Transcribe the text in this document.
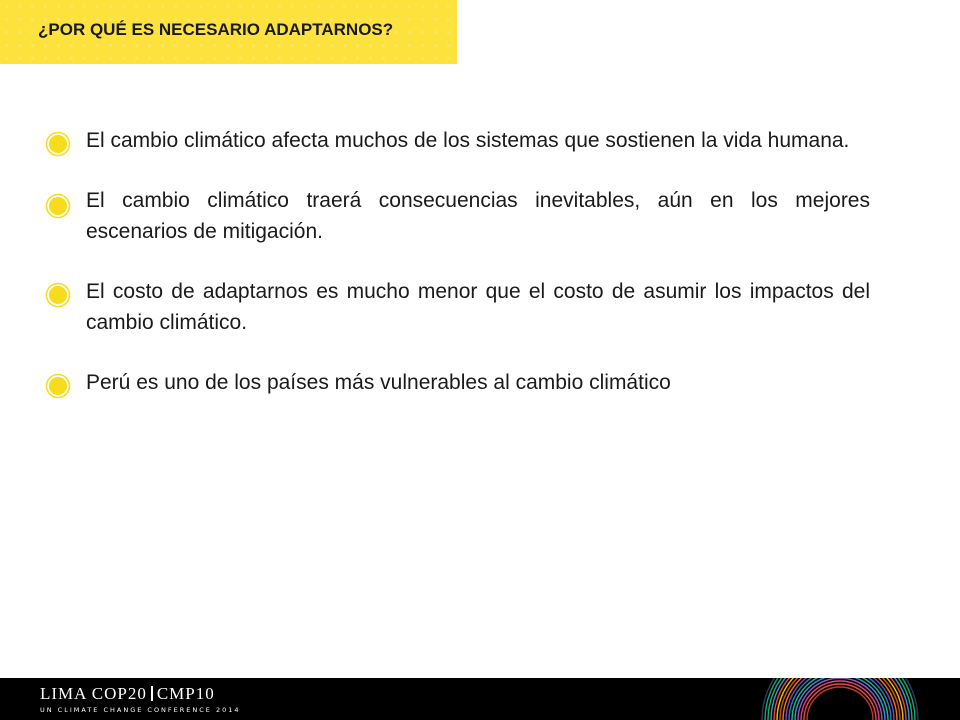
¿POR QUÉ ES NECESARIO ADAPTARNOS?
El cambio climático afecta muchos de los sistemas que sostienen la vida humana.
El cambio climático traerá consecuencias inevitables, aún en los mejores escenarios de mitigación.
El costo de adaptarnos es mucho menor que el costo de asumir los impactos del cambio climático.
Perú es uno de los países más vulnerables al cambio climático
LIMA COP20 CMP10
UN CLIMATE CHANGE CONFERENCE 2014
